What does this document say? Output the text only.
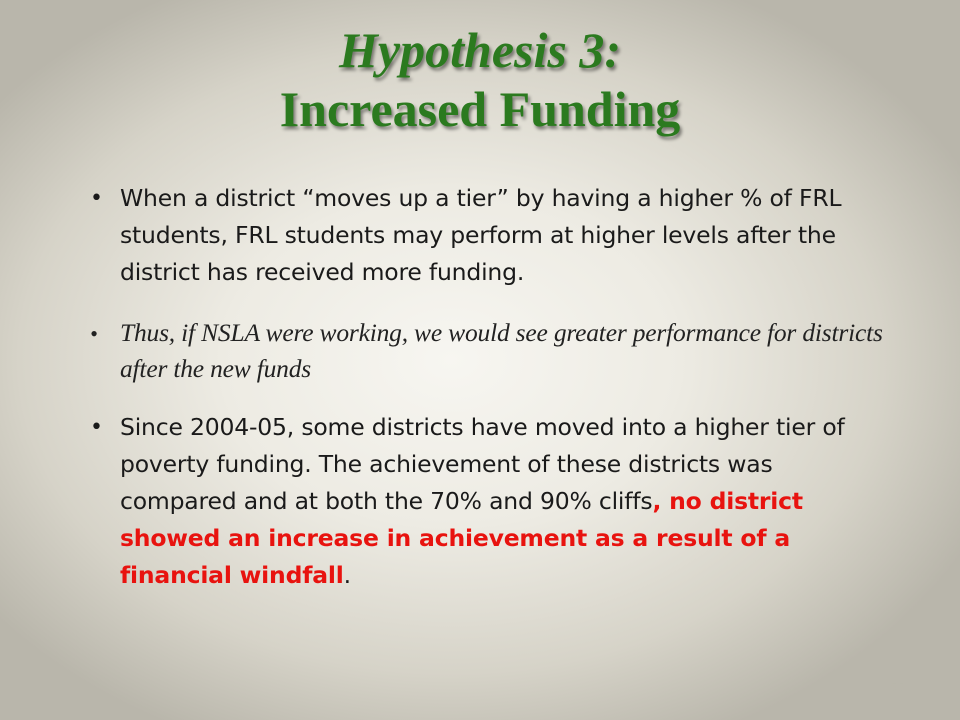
Hypothesis 3:
Increased Funding
• When a district “moves up a tier” by having a higher % of FRL students, FRL students may perform at higher levels after the district has received more funding.
• Thus, if NSLA were working, we would see greater performance for districts after the new funds
• Since 2004-05, some districts have moved into a higher tier of poverty funding. The achievement of these districts was compared and at both the 70% and 90% cliffs, no district showed an increase in achievement as a result of a financial windfall.
55
